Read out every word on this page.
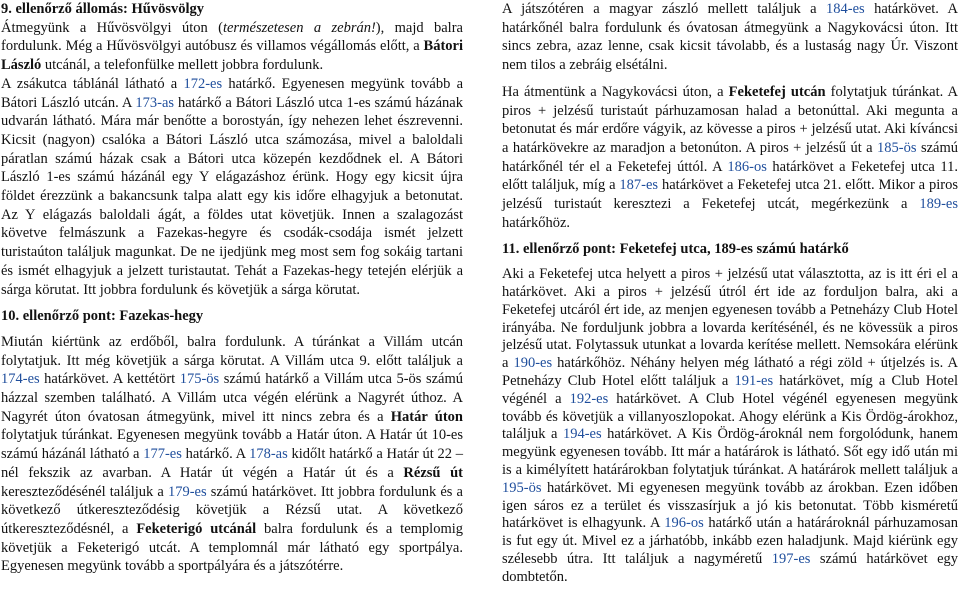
9. ellenőrző állomás: Hűvösvölgy
Átmegyünk a Hűvösvölgyi úton (természetesen a zebrán!), majd balra fordulunk. Még a Hűvösvölgyi autóbusz és villamos végállomás előtt, a Bátori László utcánál, a telefonfülke mellett jobbra fordulunk.
A zsákutca táblánál látható a 172-es határkő. Egyenesen megyünk tovább a Bátori László utcán. A 173-as határkő a Bátori László utca 1-es számú házának udvarán látható. Mára már benőtte a borostyán, így nehezen lehet észrevenni. Kicsit (nagyon) csalóka a Bátori László utca számozása, mivel a baloldali páratlan számú házak csak a Bátori utca közepén kezdődnek el. A Bátori László 1-es számú házánál egy Y elágazáshoz érünk. Hogy egy kicsit újra földet érezzünk a bakancsunk talpa alatt egy kis időre elhagyjuk a betonutat. Az Y elágazás baloldali ágát, a földes utat követjük. Innen a szalagozást követve felmászunk a Fazekas-hegyre és csodák-csodája ismét jelzett turistaúton találjuk magunkat. De ne ijedjünk meg most sem fog sokáig tartani és ismét elhagyjuk a jelzett turistautat. Tehát a Fazekas-hegy tetején elérjük a sárga körutat. Itt jobbra fordulunk és követjük a sárga körutat.
10. ellenőrző pont: Fazekas-hegy
Miután kiértünk az erdőből, balra fordulunk. A túránkat a Villám utcán folytatjuk. Itt még követjük a sárga körutat. A Villám utca 9. előtt találjuk a 174-es határkövet. A kettétört 175-ös számú határkő a Villám utca 5-ös számú házzal szemben található. A Villám utca végén elérünk a Nagyrét úthoz. A Nagyrét úton óvatosan átmegyünk, mivel itt nincs zebra és a Határ úton folytatjuk túránkat. Egyenesen megyünk tovább a Határ úton. A Határ út 10-es számú házánál látható a 177-es határkő. A 178-as kidőlt határkő a Határ út 22 –nél fekszik az avarban. A Határ út végén a Határ út és a Rézsű út kereszteződésénél találjuk a 179-es számú határkövet. Itt jobbra fordulunk és a következő útkereszteződésig követjük a Rézsű utat. A következő útkereszteződésnél, a Feketerigó utcánál balra fordulunk és a templomig követjük a Feketerigó utcát. A templomnál már látható egy sportpálya. Egyenesen megyünk tovább a sportpályára és a játszótérre.
A játszótéren a magyar zászló mellett találjuk a 184-es határkövet. A határkőnél balra fordulunk és óvatosan átmegyünk a Nagykovácsi úton. Itt sincs zebra, azaz lenne, csak kicsit távolabb, és a lustaság nagy Úr. Viszont nem tilos a zebráig elsétálni.
Ha átmentünk a Nagykovácsi úton, a Feketefej utcán folytatjuk túránkat. A piros + jelzésű turistaút párhuzamosan halad a betonúttal. Aki megunta a betonutat és már erdőre vágyik, az kövesse a piros + jelzésű utat. Aki kíváncsi a határkövekre az maradjon a betonúton. A piros + jelzésű út a 185-ös számú határkőnél tér el a Feketefej úttól. A 186-os határkövet a Feketefej utca 11. előtt találjuk, míg a 187-es határkövet a Feketefej utca 21. előtt. Mikor a piros jelzésű turistaút keresztezi a Feketefej utcát, megérkezünk a 189-es határkőhöz.
11. ellenőrző pont: Feketefej utca, 189-es számú határkő
Aki a Feketefej utca helyett a piros + jelzésű utat választotta, az is itt éri el a határkövet. Aki a piros + jelzésű útról ért ide az forduljon balra, aki a Feketefej utcáról ért ide, az menjen egyenesen tovább a Petneházy Club Hotel irányába. Ne forduljunk jobbra a lovarda kerítésénél, és ne kövessük a piros jelzésű utat. Folytassuk utunkat a lovarda kerítése mellett. Nemsokára elérünk a 190-es határkőhöz. Néhány helyen még látható a régi zöld + útjelzés is. A Petneházy Club Hotel előtt találjuk a 191-es határkövet, míg a Club Hotel végénél a 192-es határkövet. A Club Hotel végénél egyenesen megyünk tovább és követjük a villanyoszlopokat. Ahogy elérünk a Kis Ördög-árokhoz, találjuk a 194-es határkövet. A Kis Ördög-ároknál nem forgolódunk, hanem megyünk egyenesen tovább. Itt már a határárok is látható. Sőt egy idő után mi is a kimélyített határárokban folytatjuk túránkat. A határárok mellett találjuk a 195-ös határkövet. Mi egyenesen megyünk tovább az árokban. Ezen időben igen sáros ez a terület és visszasírjuk a jó kis betonutat. Több kisméretű határkövet is elhagyunk. A 196-os határkő után a határároknál párhuzamosan is fut egy út. Mivel ez a járhatóbb, inkább ezen haladjunk. Majd kiérünk egy szélesebb útra. Itt találjuk a nagyméretű 197-es számú határkövet egy dombtetőn.
